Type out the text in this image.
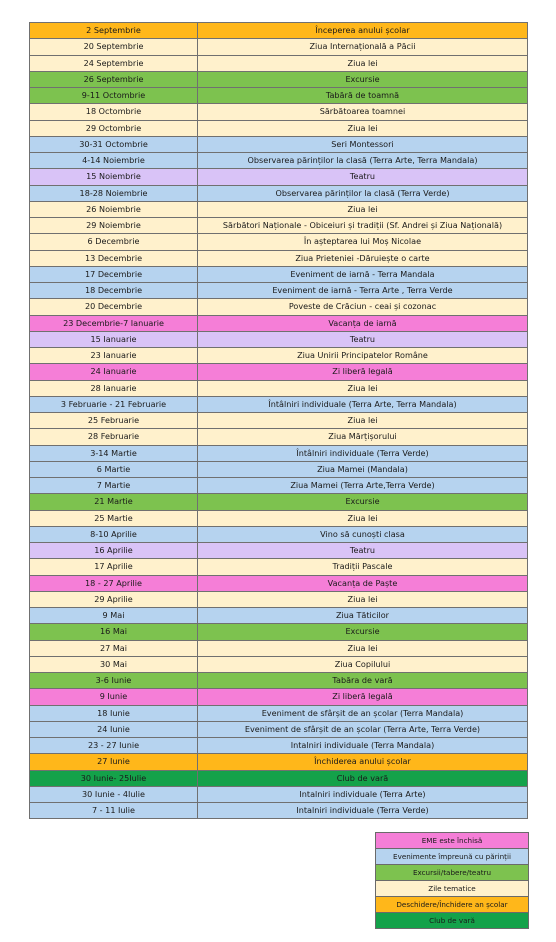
2 Septembrie	Începerea anului școlar
20 Septembrie	Ziua Internațională a Păcii
24 Septembrie	Ziua lei
26 Septembrie	Excursie
9-11 Octombrie	Tabără de toamnă
18 Octombrie	Sărbătoarea toamnei
29 Octombrie	Ziua lei
30-31 Octombrie	Seri Montessori
4-14 Noiembrie	Observarea părinților la clasă (Terra Arte, Terra Mandala)
15 Noiembrie	Teatru
18-28 Noiembrie	Observarea părinților la clasă (Terra Verde)
26 Noiembrie	Ziua lei
29 Noiembrie	Sărbători Naționale - Obiceiuri și tradiții (Sf. Andrei și Ziua Națională)
6 Decembrie	În așteptarea lui Moș Nicolae
13 Decembrie	Ziua Prieteniei -Dăruiește o carte
17 Decembrie	Eveniment de iarnă - Terra Mandala
18 Decembrie	Eveniment de iarnă - Terra Arte , Terra Verde
20 Decembrie	Poveste de Crăciun - ceai și cozonac
23 Decembrie-7 Ianuarie	Vacanța de iarnă
15 Ianuarie	Teatru
23 Ianuarie	Ziua Unirii Principatelor Române
24 Ianuarie	Zi liberă legală
28 Ianuarie	Ziua lei
3 Februarie - 21 Februarie	Întâlniri individuale (Terra Arte, Terra Mandala)
25 Februarie	Ziua lei
28 Februarie	Ziua Mărțișorului
3-14 Martie	Întâlniri individuale (Terra Verde)
6 Martie	Ziua Mamei (Mandala)
7 Martie	Ziua Mamei (Terra Arte,Terra Verde)
21 Martie	Excursie
25 Martie	Ziua lei
8-10 Aprilie	Vino să cunoști clasa
16 Aprilie	Teatru
17 Aprilie	Tradiții Pascale
18 - 27 Aprilie	Vacanța de Paște
29 Aprilie	Ziua lei
9 Mai	Ziua Tăticilor
16 Mai	Excursie
27 Mai	Ziua lei
30 Mai	Ziua Copilului
3-6 Iunie	Tabăra de vară
9 Iunie	Zi liberă legală
18 Iunie	Eveniment de sfârșit de an școlar (Terra Mandala)
24 Iunie	Eveniment de sfârșit de an școlar (Terra Arte, Terra Verde)
23 - 27 Iunie	Intalniri individuale (Terra Mandala)
27 Iunie	Închiderea anului școlar
30 Iunie- 25Iulie	Club de vară
30 Iunie - 4Iulie	Intalniri individuale (Terra Arte)
7 - 11 Iulie	Intalniri individuale (Terra Verde)
EME este închisă
Evenimente împreună cu părinții
Excursii/tabere/teatru
Zile tematice
Deschidere/Închidere an școlar
Club de vară
